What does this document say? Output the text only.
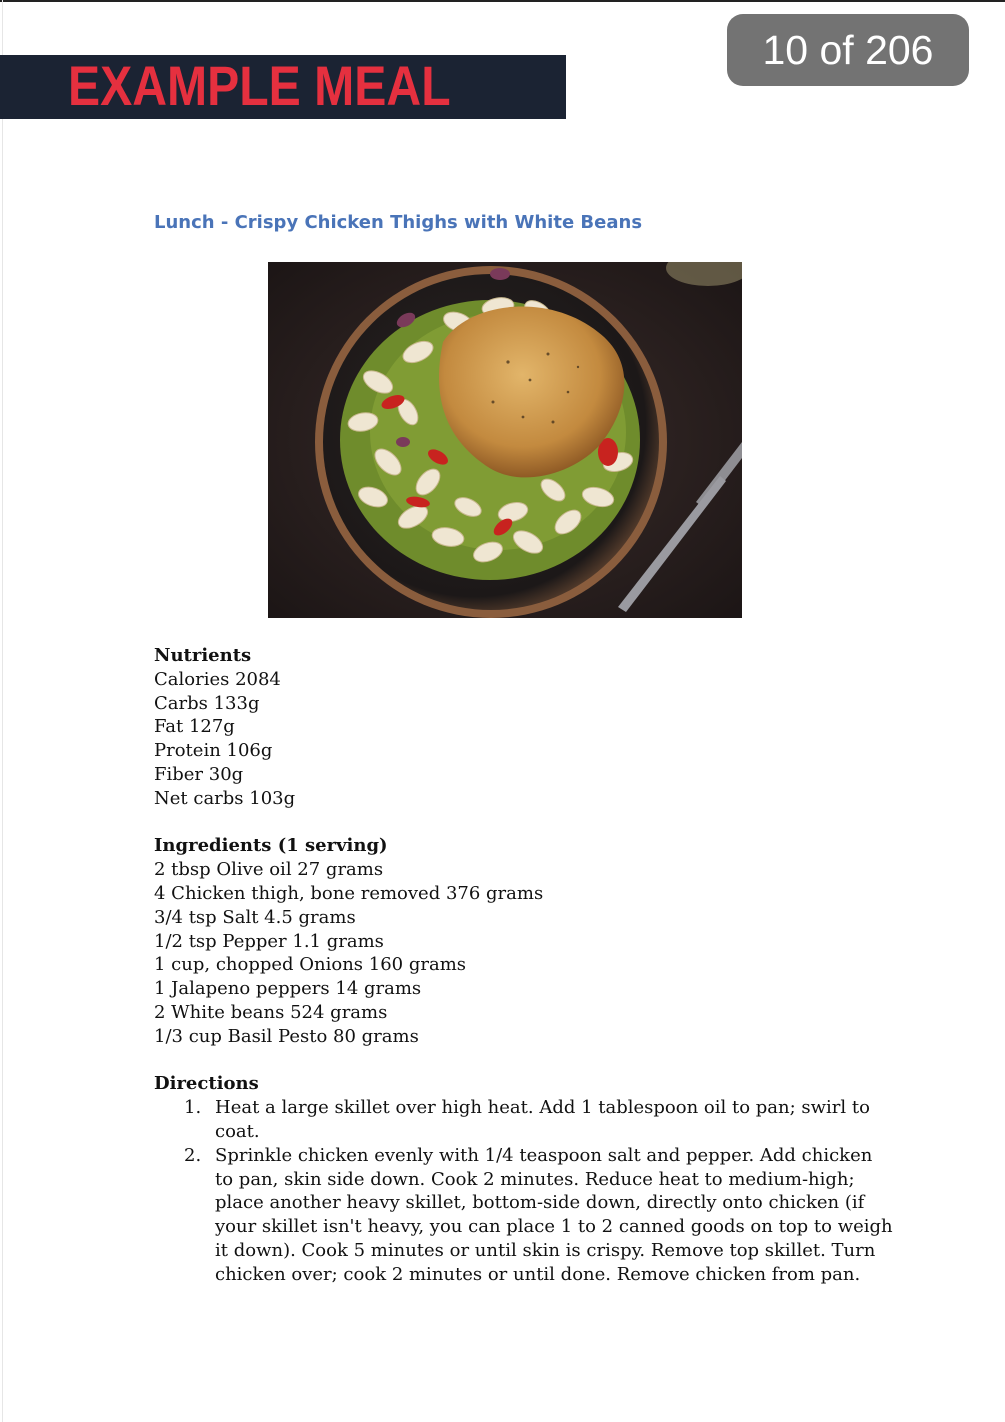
EXAMPLE MEAL
10 of 206
Lunch - Crispy Chicken Thighs with White Beans
Nutrients
Calories 2084
Carbs 133g
Fat 127g
Protein 106g
Fiber 30g
Net carbs 103g
Ingredients (1 serving)
2 tbsp Olive oil 27 grams
4 Chicken thigh, bone removed 376 grams
3/4 tsp Salt 4.5 grams
1/2 tsp Pepper 1.1 grams
1 cup, chopped Onions 160 grams
1 Jalapeno peppers 14 grams
2 White beans 524 grams
1/3 cup Basil Pesto 80 grams
Directions
1. Heat a large skillet over high heat. Add 1 tablespoon oil to pan; swirl to
coat.
2. Sprinkle chicken evenly with 1/4 teaspoon salt and pepper. Add chicken
to pan, skin side down. Cook 2 minutes. Reduce heat to medium-high;
place another heavy skillet, bottom-side down, directly onto chicken (if
your skillet isn't heavy, you can place 1 to 2 canned goods on top to weigh
it down). Cook 5 minutes or until skin is crispy. Remove top skillet. Turn
chicken over; cook 2 minutes or until done. Remove chicken from pan.
